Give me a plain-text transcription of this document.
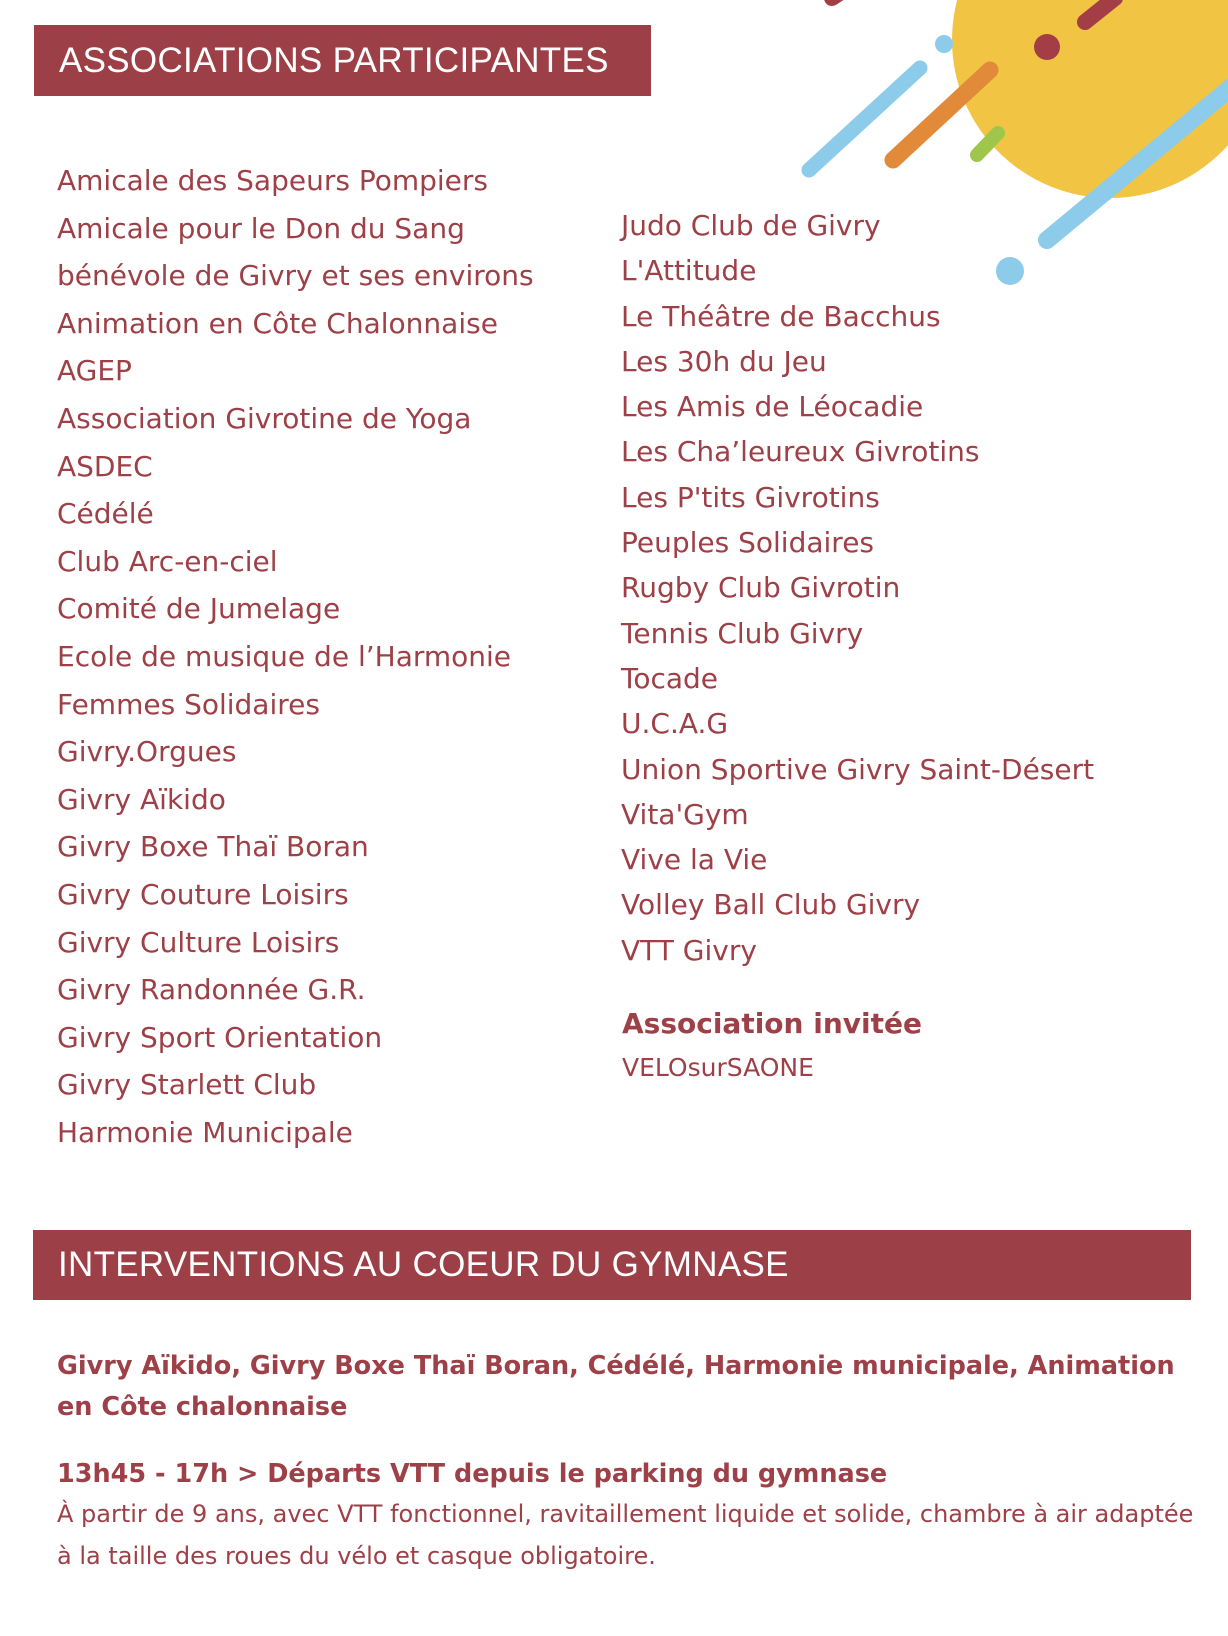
ASSOCIATIONS PARTICIPANTES
Amicale des Sapeurs Pompiers
Amicale pour le Don du Sang
bénévole de Givry et ses environs
Animation en Côte Chalonnaise
AGEP
Association Givrotine de Yoga
ASDEC
Cédélé
Club Arc-en-ciel
Comité de Jumelage
Ecole de musique de l’Harmonie
Femmes Solidaires
Givry.Orgues
Givry Aïkido
Givry Boxe Thaï Boran
Givry Couture Loisirs
Givry Culture Loisirs
Givry Randonnée G.R.
Givry Sport Orientation
Givry Starlett Club
Harmonie Municipale
Judo Club de Givry
L'Attitude
Le Théâtre de Bacchus
Les 30h du Jeu
Les Amis de Léocadie
Les Cha’leureux Givrotins
Les P'tits Givrotins
Peuples Solidaires
Rugby Club Givrotin
Tennis Club Givry
Tocade
U.C.A.G
Union Sportive Givry Saint-Désert
Vita'Gym
Vive la Vie
Volley Ball Club Givry
VTT Givry

Association invitée

VELOsurSAONE

INTERVENTIONS AU COEUR DU GYMNASE

Givry Aïkido, Givry Boxe Thaï Boran, Cédélé, Harmonie municipale, Animation en Côte chalonnaise

13h45 - 17h > Départs VTT depuis le parking du gymnase

À partir de 9 ans, avec VTT fonctionnel, ravitaillement liquide et solide, chambre à air adaptée à la taille des roues du vélo et casque obligatoire.
